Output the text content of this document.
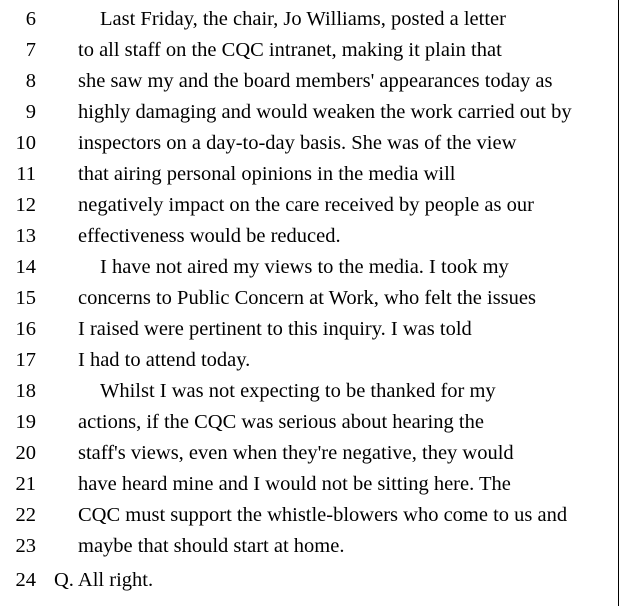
6	Last Friday, the chair, Jo Williams, posted a letter
7 to all staff on the CQC intranet, making it plain that
8 she saw my and the board members' appearances today as
9 highly damaging and would weaken the work carried out by
10 inspectors on a day-to-day basis. She was of the view
11 that airing personal opinions in the media will
12 negatively impact on the care received by people as our
13 effectiveness would be reduced.
14	I have not aired my views to the media. I took my
15 concerns to Public Concern at Work, who felt the issues
16 I raised were pertinent to this inquiry. I was told
17 I had to attend today.
18	Whilst I was not expecting to be thanked for my
19 actions, if the CQC was serious about hearing the
20 staff's views, even when they're negative, they would
21 have heard mine and I would not be sitting here. The
22 CQC must support the whistle-blowers who come to us and
23 maybe that should start at home.
24 Q. All right.
